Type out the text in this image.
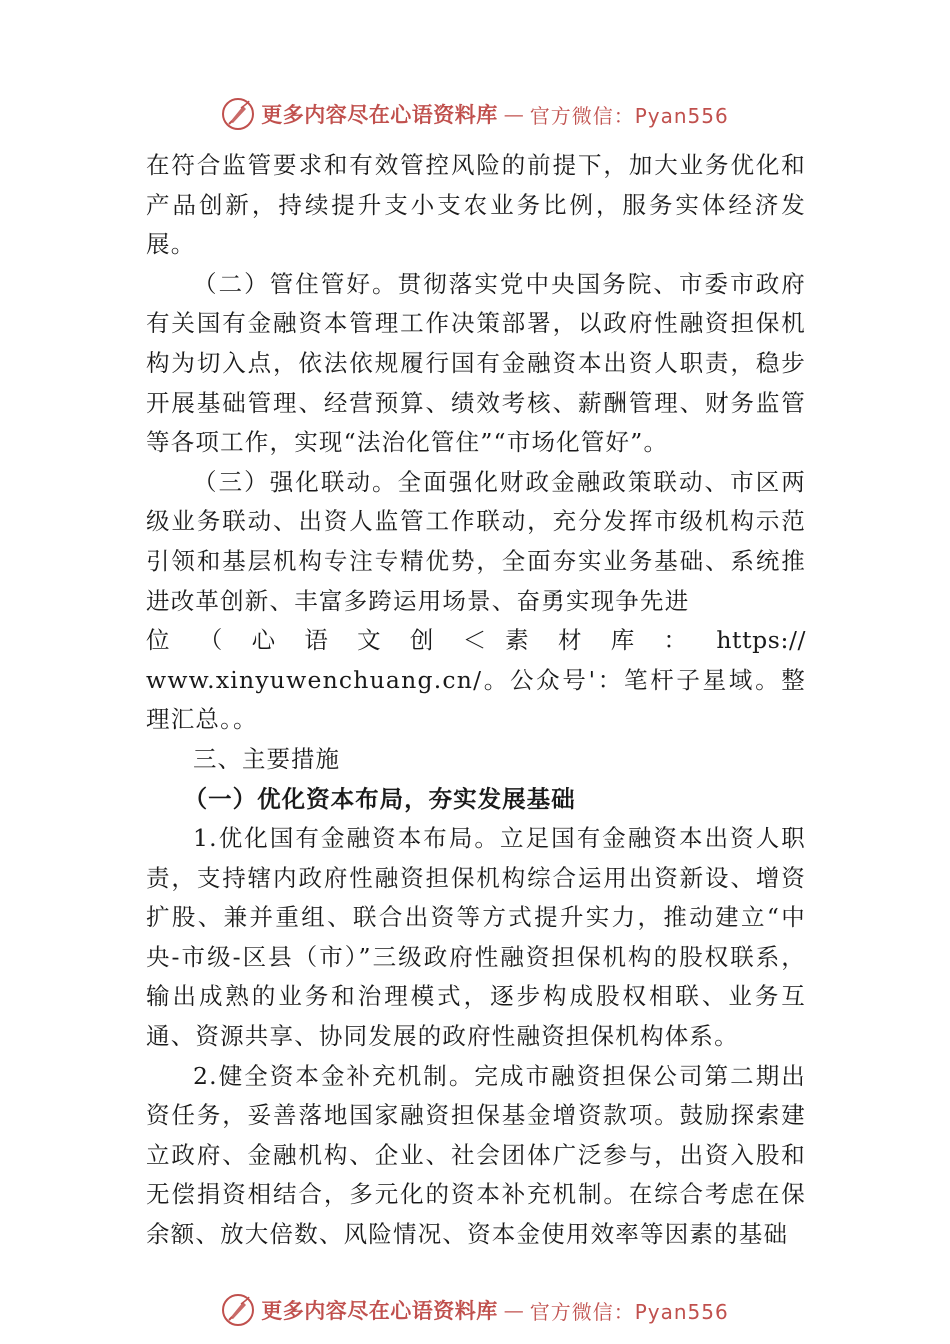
更多内容尽在心语资料库 — 官方微信：Pyan556

在符合监管要求和有效管控风险的前提下，加大业务优化和产品创新，持续提升支小支农业务比例，服务实体经济发展。

（二）管住管好。贯彻落实党中央国务院、市委市政府有关国有金融资本管理工作决策部署，以政府性融资担保机构为切入点，依法依规履行国有金融资本出资人职责，稳步开展基础管理、经营预算、绩效考核、薪酬管理、财务监管等各项工作，实现“法治化管住”“市场化管好”。

（三）强化联动。全面强化财政金融政策联动、市区两级业务联动、出资人监管工作联动，充分发挥市级机构示范引领和基层机构专注专精优势，全面夯实业务基础、系统推进改革创新、丰富多跨运用场景、奋勇实现争先进

位 （ 心 语 文 创 ＜ 素 材 库 ： https://

www.xinyuwenchuang.cn/。公众号'：笔杆子星域。整理汇总。。

三、主要措施
（一）优化资本布局，夯实发展基础

1.优化国有金融资本布局。立足国有金融资本出资人职责，支持辖内政府性融资担保机构综合运用出资新设、增资扩股、兼并重组、联合出资等方式提升实力，推动建立“中央-市级-区县（市）”三级政府性融资担保机构的股权联系，输出成熟的业务和治理模式，逐步构成股权相联、业务互通、资源共享、协同发展的政府性融资担保机构体系。

2.健全资本金补充机制。完成市融资担保公司第二期出资任务，妥善落地国家融资担保基金增资款项。鼓励探索建立政府、金融机构、企业、社会团体广泛参与，出资入股和无偿捐资相结合，多元化的资本补充机制。在综合考虑在保余额、放大倍数、风险情况、资本金使用效率等因素的基础

更多内容尽在心语资料库 — 官方微信：Pyan556
